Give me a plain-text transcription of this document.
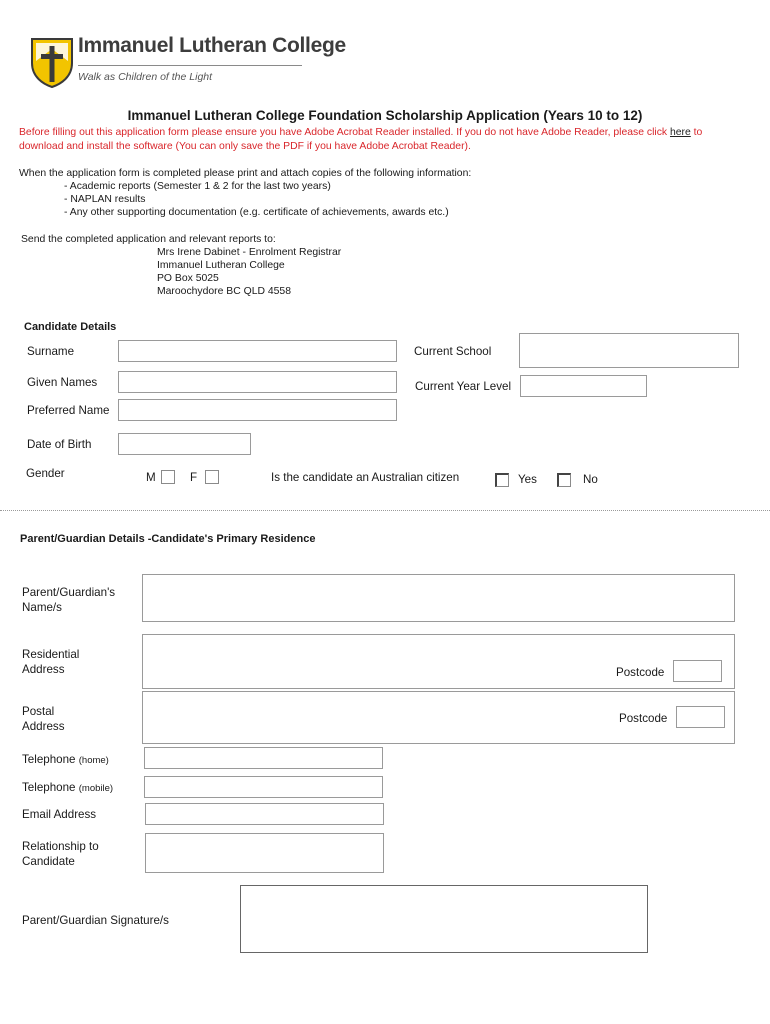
Immanuel Lutheran College
Walk as Children of the Light
Immanuel Lutheran College Foundation Scholarship Application (Years 10 to 12)
Before filling out this application form please ensure you have Adobe Acrobat Reader installed. If you do not have Adobe Reader, please click here to download and install the software (You can only save the PDF if you have Adobe Acrobat Reader).
When the application form is completed please print and attach copies of the following information:
- Academic reports (Semester 1 & 2 for the last two years)
- NAPLAN results
- Any other supporting documentation (e.g. certificate of achievements, awards etc.)
Send the completed application and relevant reports to:
Mrs Irene Dabinet - Enrolment Registrar
Immanuel Lutheran College
PO Box 5025
Maroochydore BC QLD 4558
Candidate Details
Surname	Current School
Given Names	Current Year Level
Preferred Name
Date of Birth
Gender	M	F	Is the candidate an Australian citizen	Yes	No
Parent/Guardian Details -Candidate's Primary Residence
Parent/Guardian's
Name/s
Residential
Address	Postcode
Postal
Address
Postcode
Telephone (home)
Telephone (mobile)
Email Address
Relationship to
Candidate
Parent/Guardian Signature/s
